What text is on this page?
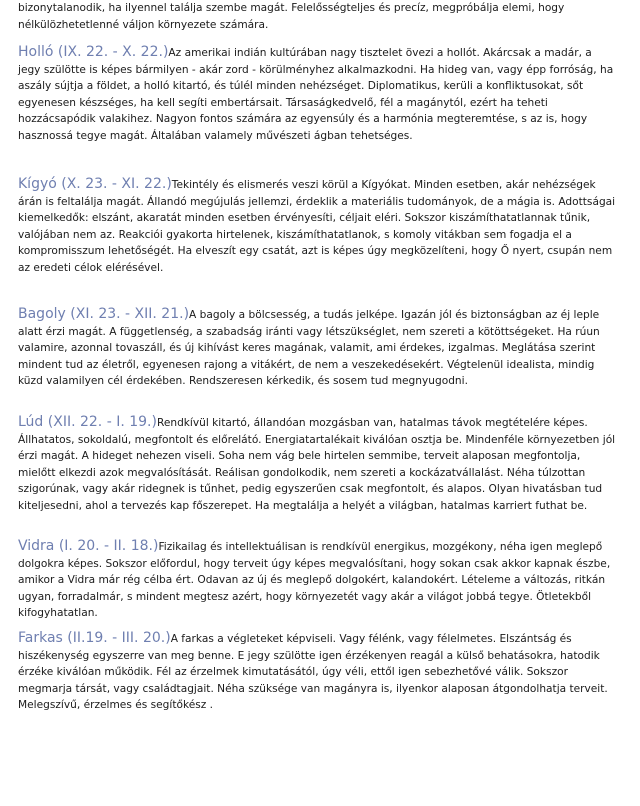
bizonytalanodik, ha ilyennel találja szembe magát. Felelősségteljes és precíz, megpróbálja elemi, hogy nélkülözhetetlenné váljon környezete számára.

Holló (IX. 22. - X. 22.)Az amerikai indián kultúrában nagy tisztelet övezi a hollót. Akárcsak a madár, a jegy szülötte is képes bármilyen - akár zord - körülményhez alkalmazkodni. Ha hideg van, vagy épp forróság, ha aszály sújtja a földet, a holló kitartó, és túlél minden nehézséget. Diplomatikus, kerüli a konfliktusokat, sőt egyenesen készséges, ha kell segíti embertársait. Társaságkedvelő, fél a magánytól, ezért ha teheti hozzácsapódik valakihez. Nagyon fontos számára az egyensúly és a harmónia megteremtése, s az is, hogy hasznossá tegye magát. Általában valamely művészeti ágban tehetséges.

Kígyó (X. 23. - XI. 22.)Tekintély és elismerés veszi körül a Kígyókat. Minden esetben, akár nehézségek árán is feltalálja magát. Állandó megújulás jellemzi, érdeklik a materiális tudományok, de a mágia is. Adottságai kiemelkedők: elszánt, akaratát minden esetben érvényesíti, céljait eléri. Sokszor kiszámíthatatlannak tűnik, valójában nem az. Reakciói gyakorta hirtelenek, kiszámíthatatlanok, s komoly vitákban sem fogadja el a kompromisszum lehetőségét. Ha elveszít egy csatát, azt is képes úgy megközelíteni, hogy Ő nyert, csupán nem az eredeti célok elérésével.

Bagoly (XI. 23. - XII. 21.)A bagoly a bölcsesség, a tudás jelképe. Igazán jól és biztonságban az éj leple alatt érzi magát. A függetlenség, a szabadság iránti vagy létszükséglet, nem szereti a kötöttségeket. Ha rúun valamire, azonnal tovaszáll, és új kihívást keres magának, valamit, ami érdekes, izgalmas. Meglátása szerint mindent tud az életről, egyenesen rajong a vitákért, de nem a veszekedésekért. Végtelenül idealista, mindig küzd valamilyen cél érdekében. Rendszeresen kérkedik, és sosem tud megnyugodni.

Lúd (XII. 22. - I. 19.)Rendkívül kitartó, állandóan mozgásban van, hatalmas távok megtételére képes. Állhatatos, sokoldalú, megfontolt és előrelátó. Energiatartalékait kiválóan osztja be. Mindenféle környezetben jól érzi magát. A hideget nehezen viseli. Soha nem vág bele hirtelen semmibe, terveit alaposan megfontolja, mielőtt elkezdi azok megvalósítását. Reálisan gondolkodik, nem szereti a kockázatvállalást. Néha túlzottan szigorúnak, vagy akár ridegnek is tűnhet, pedig egyszerűen csak megfontolt, és alapos. Olyan hivatásban tud kiteljesedni, ahol a tervezés kap főszerepet. Ha megtalálja a helyét a világban, hatalmas karriert futhat be.

Vidra (I. 20. - II. 18.)Fizikailag és intellektuálisan is rendkívül energikus, mozgékony, néha igen meglepő dolgokra képes. Sokszor előfordul, hogy terveit úgy képes megvalósítani, hogy sokan csak akkor kapnak észbe, amikor a Vidra már rég célba ért. Odavan az új és meglepő dolgokért, kalandokért. Lételeme a változás, ritkán ugyan, forradalmár, s mindent megtesz azért, hogy környezetét vagy akár a világot jobbá tegye. Ötletekből kifogyhatatlan.

Farkas (II.19. - III. 20.)A farkas a végleteket képviseli. Vagy félénk, vagy félelmetes. Elszántság és hiszékenység egyszerre van meg benne. E jegy szülötte igen érzékenyen reagál a külső behatásokra, hatodik érzéke kiválóan működik. Fél az érzelmek kimutatásától, úgy véli, ettől igen sebezhetővé válik. Sokszor megmarja társát, vagy családtagjait. Néha szüksége van magányra is, ilyenkor alaposan átgondolhatja terveit. Melegszívű, érzelmes és segítőkész .
